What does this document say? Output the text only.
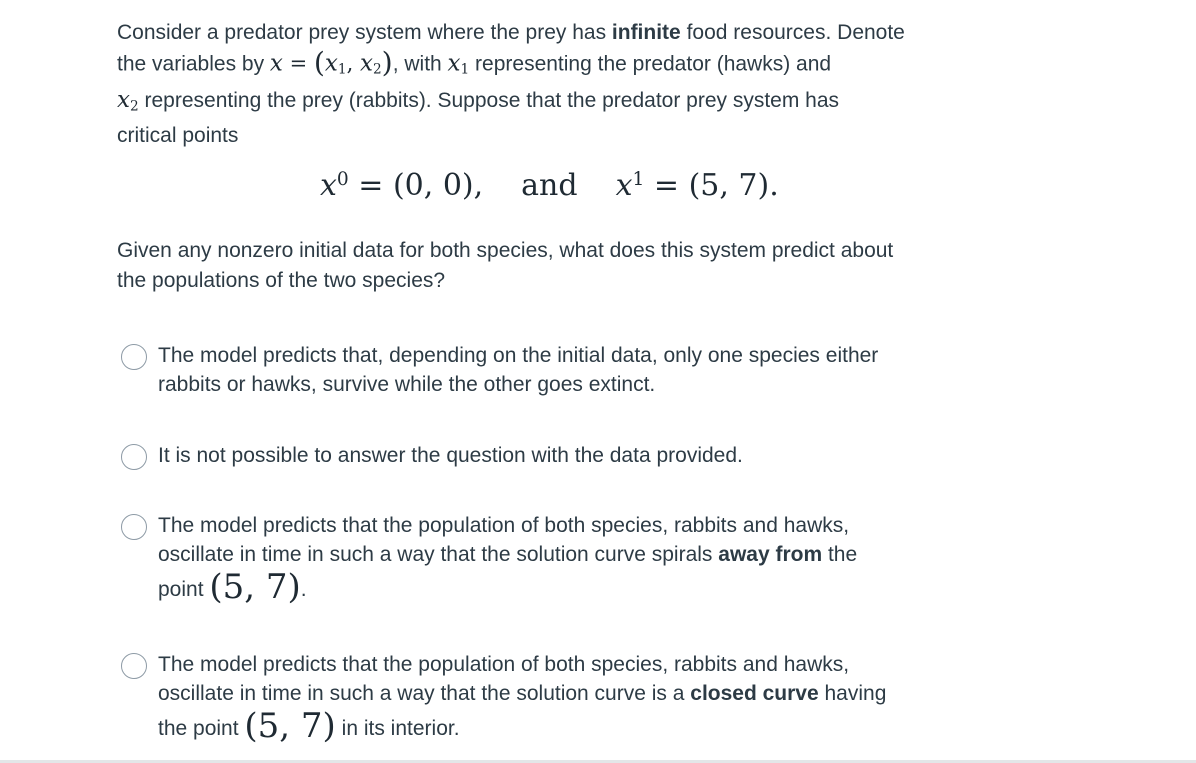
Consider a predator prey system where the prey has infinite food resources. Denote
the variables by $x = (x_1$, $x_2$), with $x_1$ representing the predator (hawks) and
$x_2$ representing the prey (rabbits). Suppose that the predator prey system has
critical points
$x^0 = (0$, 0), and $x^1 = (5$, 7).
Given any nonzero initial data for both species, what does this system predict about
the populations of the two species?
The model predicts that, depending on the initial data, only one species either
rabbits or hawks, survive while the other goes extinct.
It is not possible to answer the question with the data provided.
The model predicts that the population of both species, rabbits and hawks,
oscillate in time in such a way that the solution curve spirals away from the
point (5, 7).
The model predicts that the population of both species, rabbits and hawks,
oscillate in time in such a way that the solution curve is a closed curve having
the point (5, 7) in its interior.
